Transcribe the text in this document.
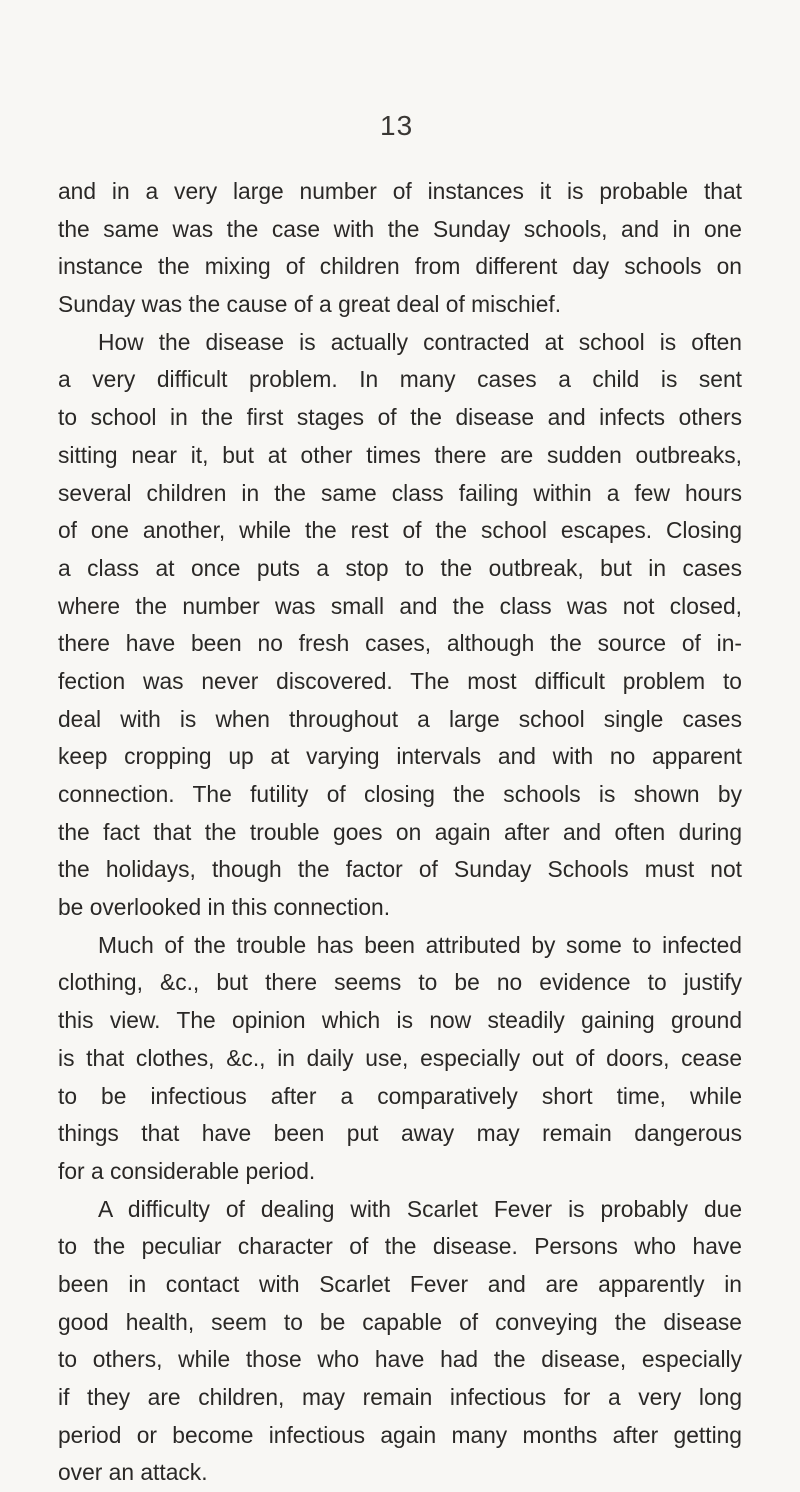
13
and in a very large number of instances it is probable that
the same was the case with the Sunday schools, and in one
instance the mixing of children from different day schools on
Sunday was the cause of a great deal of mischief.
How the disease is actually contracted at school is often
a very difficult problem. In many cases a child is sent
to school in the first stages of the disease and infects others
sitting near it, but at other times there are sudden outbreaks,
several children in the same class failing within a few hours
of one another, while the rest of the school escapes. Closing
a class at once puts a stop to the outbreak, but in cases
where the number was small and the class was not closed,
there have been no fresh cases, although the source of in-
fection was never discovered. The most difficult problem to
deal with is when throughout a large school single cases
keep cropping up at varying intervals and with no apparent
connection. The futility of closing the schools is shown by
the fact that the trouble goes on again after and often during
the holidays, though the factor of Sunday Schools must not
be overlooked in this connection.
Much of the trouble has been attributed by some to infected
clothing, &c., but there seems to be no evidence to justify
this view. The opinion which is now steadily gaining ground
is that clothes, &c., in daily use, especially out of doors, cease
to be infectious after a comparatively short time, while
things that have been put away may remain dangerous
for a considerable period.
A difficulty of dealing with Scarlet Fever is probably due
to the peculiar character of the disease. Persons who have
been in contact with Scarlet Fever and are apparently in
good health, seem to be capable of conveying the disease
to others, while those who have had the disease, especially
if they are children, may remain infectious for a very long
period or become infectious again many months after getting
over an attack.
